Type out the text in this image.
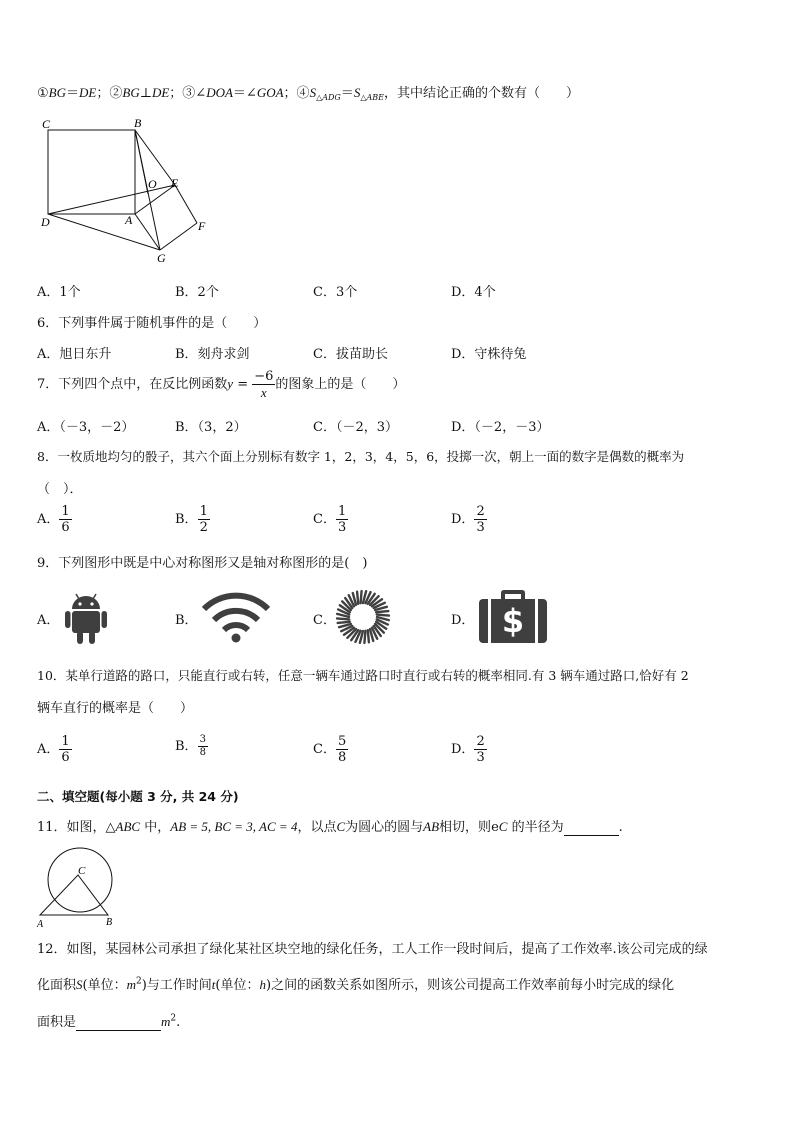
①BG＝DE；②BG⊥DE；③∠DOA＝∠GOA；$④S_{\triangle ADG}=S_{\triangle ABE}$，其中结论正确的个数有（　　）
C	B
O E
D	A	F
G
A．1个	B．2个	C．3个	D．4个
6．下列事件属于随机事件的是（　　）
A．旭日东升	B．刻舟求剑	C．拔苗助长	D．守株待兔
7．下列四个点中，在反比例函数$y = \frac{-6}{x}$ 的图象上的是（　　）
A．（－3，－2）	B．（3，2）	C．（－2，3）	D．（－2，－3）
8．一枚质地均匀的骰子，其六个面上分别标有数字 1，2，3，4，5，6，投掷一次，朝上一面的数字是偶数的概率为
（　）．
A． $\frac{1}{6}$	B． $\frac{1}{2}$	C． $\frac{1}{3}$	D． $\frac{2}{3}$
9．下列图形中既是中心对称图形又是轴对称图形的是(　)
A．	B．	C．	D． $
10．某单行道路的路口，只能直行或右转，任意一辆车通过路口时直行或右转的概率相同.有 3 辆车通过路口,恰好有 2
辆车直行的概率是（　　）
A． $\frac{1}{6}$	B． $\frac{3}{8}$	C． $\frac{5}{8}$	D． $\frac{2}{3}$
二、填空题(每小题 3 分, 共 24 分)
11．如图，△ABC 中，AB = 5, BC = 3, AC = 4，以点C为圆心的圆与AB相切，则eC 的半径为	.
C
A	B
12．如图，某园林公司承担了绿化某社区块空地的绿化任务，工人工作一段时间后，提高了工作效率.该公司完成的绿
化面积S(单位：$m^2$)与工作时间t(单位：h)之间的函数关系如图所示，则该公司提高工作效率前每小时完成的绿化
面积是	$m^2$.
